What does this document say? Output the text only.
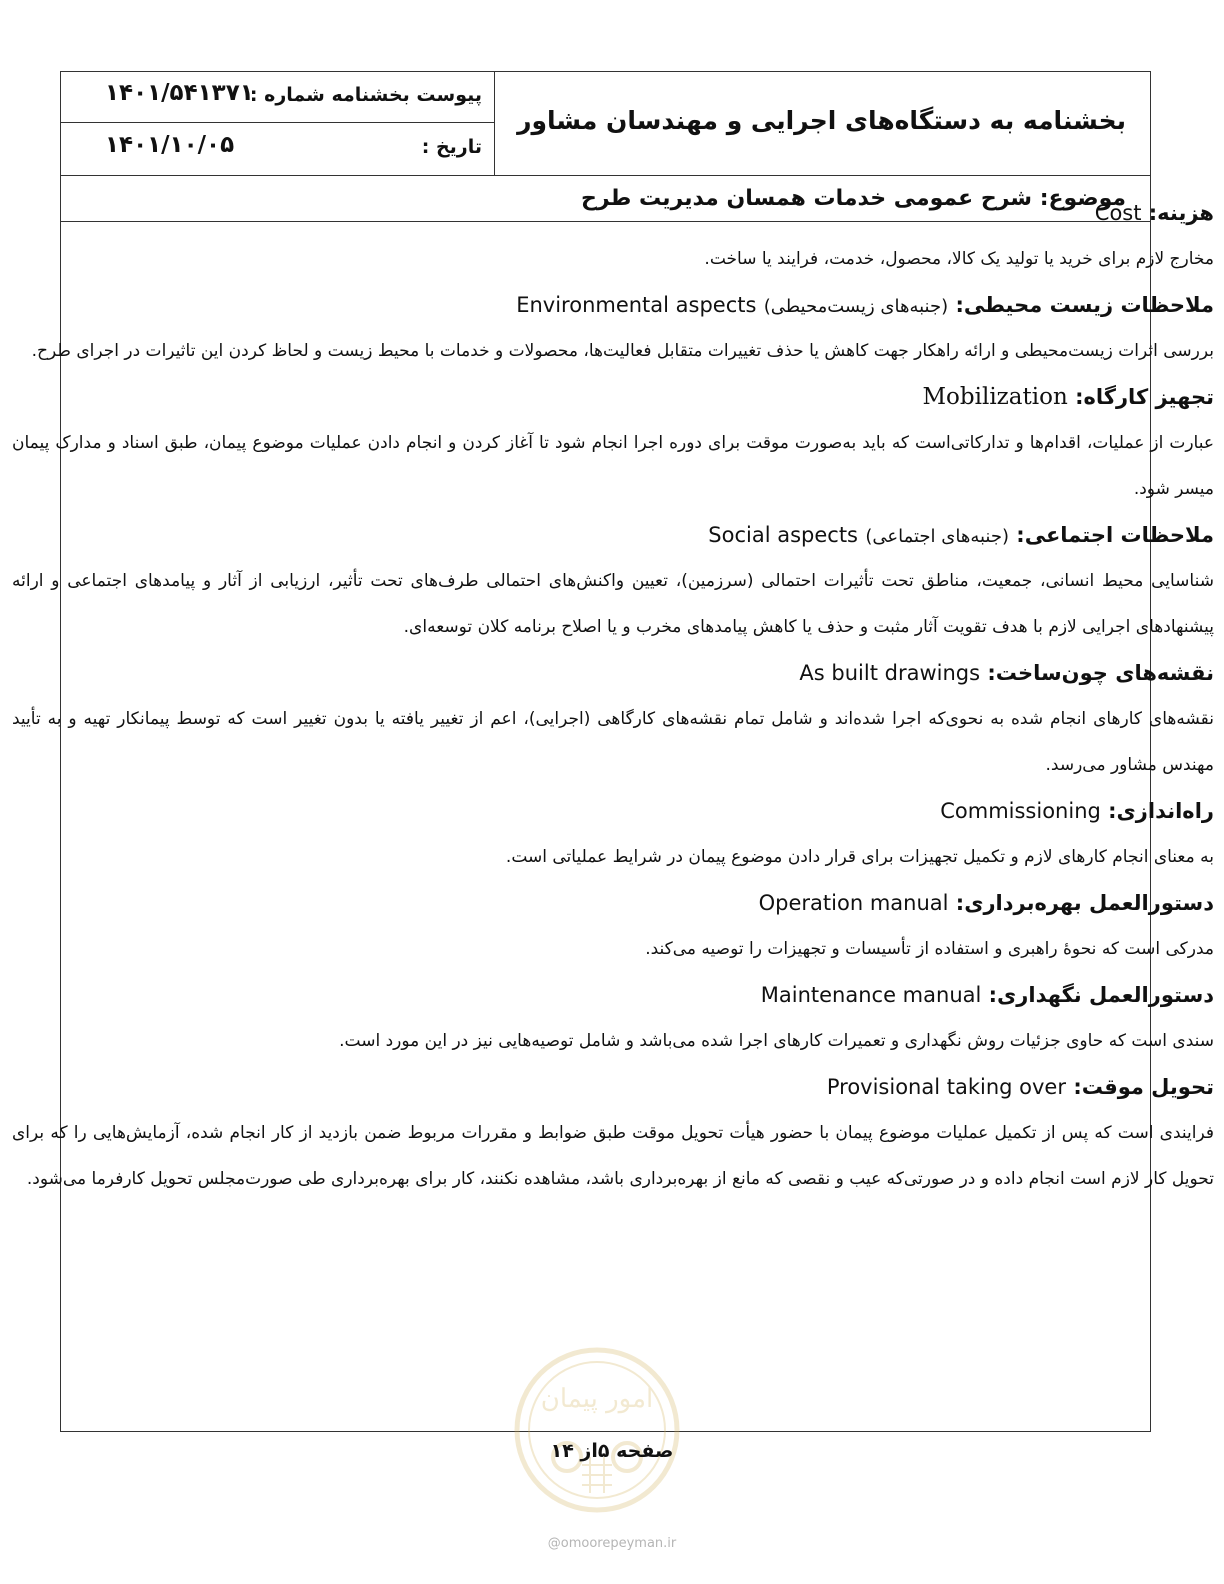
پیوست بخشنامه شماره :
۱۴۰۱/۵۴۱۳۷۱
تاریخ :
۱۴۰۱/۱۰/۰۵
بخشنامه به دستگاه‌های اجرایی و مهندسان مشاور
موضوع: شرح عمومی خدمات همسان مدیریت طرح

هزینه: Cost

مخارج لازم برای خرید یا تولید یک کالا، محصول، خدمت، فرایند یا ساخت.

ملاحظات زیست محیطی: (جنبه‌های زیست‌محیطی) Environmental aspects

بررسی اثرات زیست‌محیطی و ارائه راهکار جهت کاهش یا حذف تغییرات متقابل فعالیت‌ها، محصولات و خدمات با محیط زیست و لحاظ کردن این تاثیرات در اجرای طرح.

تجهیز کارگاه: Mobilization

عبارت از عملیات، اقدام‌ها و تدارکاتی‌است که باید به‌صورت موقت برای دوره اجرا انجام شود تا آغاز کردن و انجام دادن عملیات موضوع پیمان، طبق اسناد و مدارک پیمان میسر شود.

ملاحظات اجتماعی: (جنبه‌های اجتماعی) Social aspects

شناسایی محیط انسانی، جمعیت، مناطق تحت تأثیرات احتمالی (سرزمین)، تعیین واکنش‌های احتمالی طرف‌های تحت تأثیر، ارزیابی از آثار و پیامدهای اجتماعی و ارائه پیشنهادهای اجرایی لازم با هدف تقویت آثار مثبت و حذف یا کاهش پیامدهای مخرب و یا اصلاح برنامه کلان توسعه‌ای.

نقشه‌های چون‌ساخت: As built drawings

نقشه‌های کارهای انجام شده به نحوی‌که اجرا شده‌اند و شامل تمام نقشه‌های کارگاهی (اجرایی)، اعم از تغییر یافته یا بدون تغییر است که توسط پیمانکار تهیه و به تأیید مهندس مشاور می‌رسد.

راه‌اندازی: Commissioning

به معنای انجام کارهای لازم و تکمیل تجهیزات برای قرار دادن موضوع پیمان در شرایط عملیاتی است.

دستورالعمل بهره‌برداری: Operation manual

مدرکی است که نحوهٔ راهبری و استفاده از تأسیسات و تجهیزات را توصیه می‌کند.

دستورالعمل نگهداری: Maintenance manual

سندی است که حاوی جزئیات روش نگهداری و تعمیرات کارهای اجرا شده می‌باشد و شامل توصیه‌هایی نیز در این مورد است.

تحویل موقت: Provisional taking over

فرایندی است که پس از تکمیل عملیات موضوع پیمان با حضور هیأت تحویل موقت طبق ضوابط و مقررات مربوط ضمن بازدید از کار انجام شده، آزمایش‌هایی را که برای تحویل کار لازم است انجام داده و در صورتی‌که عیب و نقصی که مانع از بهره‌برداری باشد، مشاهده نکنند، کار برای بهره‌برداری طی صورت‌مجلس تحویل کارفرما می‌شود.

امور پیمان
صفحه ۵از ۱۴
@omoorepeyman.ir
